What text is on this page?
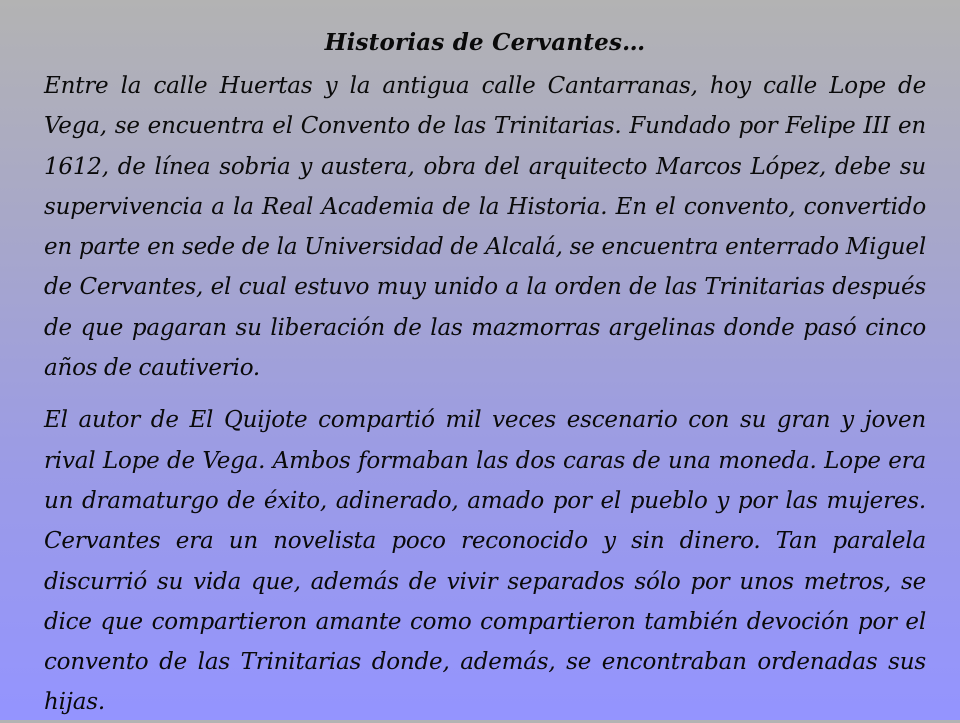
Historias de Cervantes…

Entre la calle Huertas y la antigua calle Cantarranas, hoy calle Lope de Vega, se encuentra el Convento de las Trinitarias. Fundado por Felipe III en 1612, de línea sobria y austera, obra del arquitecto Marcos López, debe su supervivencia a la Real Academia de la Historia. En el convento, convertido en parte en sede de la Universidad de Alcalá, se encuentra enterrado Miguel de Cervantes, el cual estuvo muy unido a la orden de las Trinitarias después de que pagaran su liberación de las mazmorras argelinas donde pasó cinco años de cautiverio.

El autor de El Quijote compartió mil veces escenario con su gran y joven rival Lope de Vega. Ambos formaban las dos caras de una moneda. Lope era un dramaturgo de éxito, adinerado, amado por el pueblo y por las mujeres. Cervantes era un novelista poco reconocido y sin dinero. Tan paralela discurrió su vida que, además de vivir separados sólo por unos metros, se dice que compartieron amante como compartieron también devoción por el convento de las Trinitarias donde, además, se encontraban ordenadas sus hijas.
